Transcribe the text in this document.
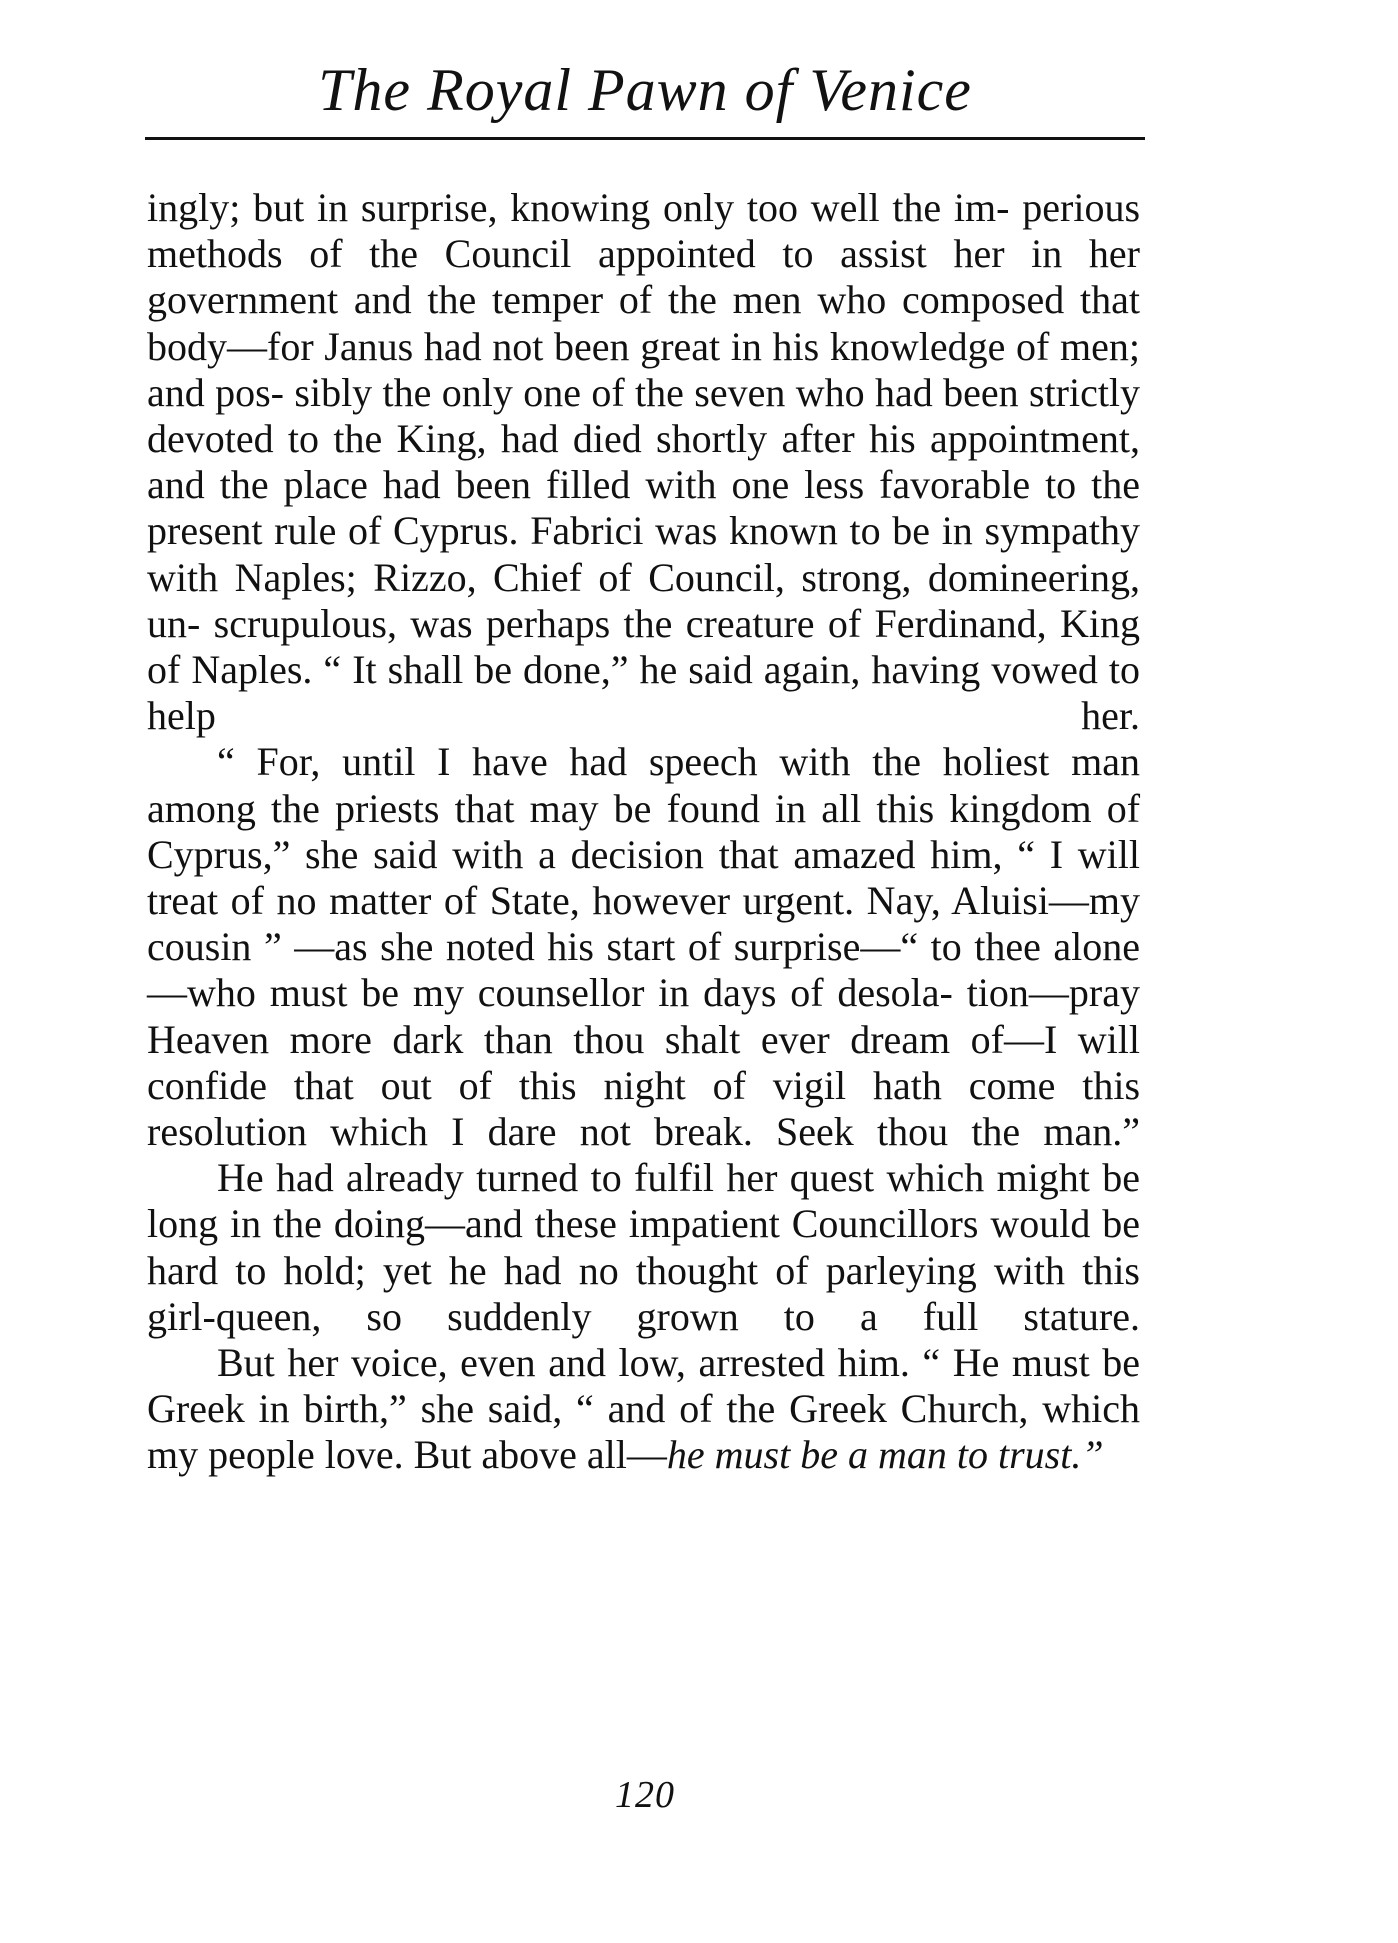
The Royal Pawn of Venice

ingly; but in surprise, knowing only too well the im- perious methods of the Council appointed to assist her in her government and the temper of the men who composed that body—for Janus had not been great in his knowledge of men; and pos- sibly the only one of the seven who had been strictly devoted to the King, had died shortly after his appointment, and the place had been filled with one less favorable to the present rule of Cyprus. Fabrici was known to be in sympathy with Naples; Rizzo, Chief of Council, strong, domineering, un- scrupulous, was perhaps the creature of Ferdinand, King of Naples. “ It shall be done,” he said again, having vowed to help her.

“ For, until I have had speech with the holiest man among the priests that may be found in all this kingdom of Cyprus,” she said with a decision that amazed him, “ I will treat of no matter of State, however urgent. Nay, Aluisi—my cousin ” —as she noted his start of surprise—“ to thee alone —who must be my counsellor in days of desola- tion—pray Heaven more dark than thou shalt ever dream of—I will confide that out of this night of vigil hath come this resolution which I dare not break. Seek thou the man.”

He had already turned to fulfil her quest which might be long in the doing—and these impatient Councillors would be hard to hold; yet he had no thought of parleying with this girl-queen, so suddenly grown to a full stature.

But her voice, even and low, arrested him. “ He must be Greek in birth,” she said, “ and of the Greek Church, which my people love. But above all—he must be a man to trust.”

120
